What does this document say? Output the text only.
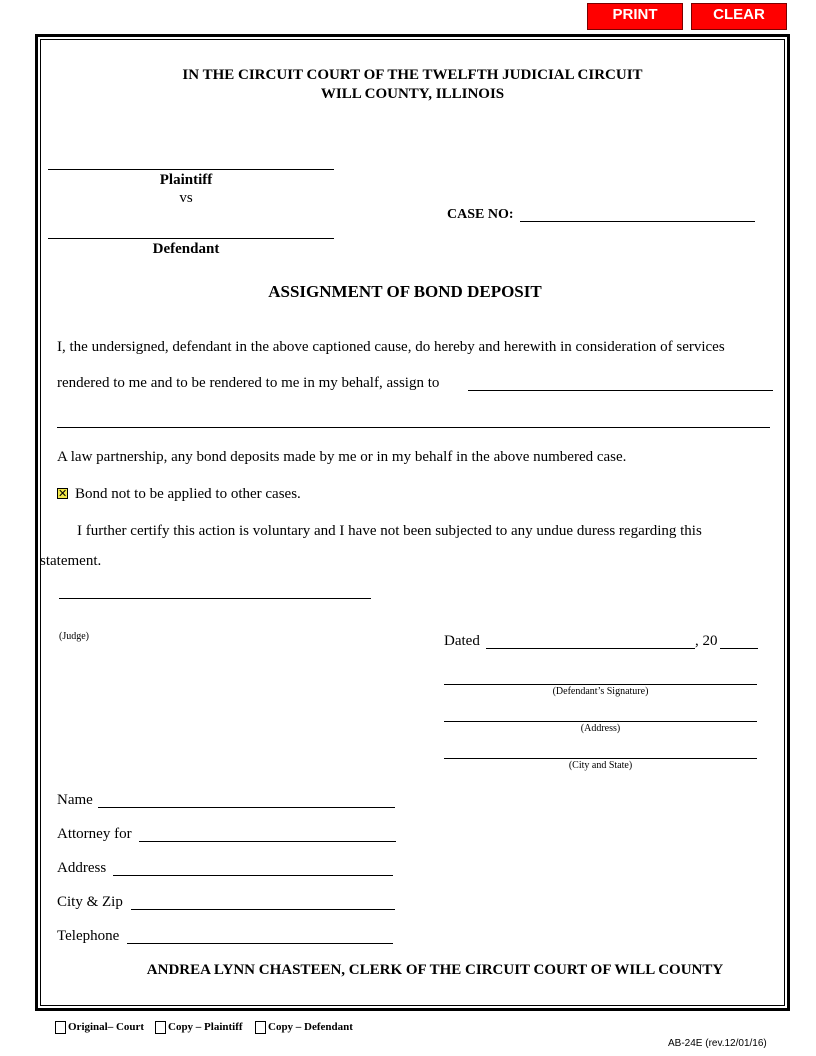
PRINT	CLEAR
IN THE CIRCUIT COURT OF THE TWELFTH JUDICIAL CIRCUIT
WILL COUNTY, ILLINOIS
Plaintiff
vs
Defendant
CASE NO:
ASSIGNMENT OF BOND DEPOSIT
I, the undersigned, defendant in the above captioned cause, do hereby and herewith in consideration of services
rendered to me and to be rendered to me in my behalf, assign to
A law partnership, any bond deposits made by me or in my behalf in the above numbered case.
✕ Bond not to be applied to other cases.
I further certify this action is voluntary and I have not been subjected to any undue duress regarding this
statement.
(Judge)	Dated	, 20
(Defendant’s Signature)
(Address)
(City and State)
Name
Attorney for
Address
City & Zip
Telephone
ANDREA LYNN CHASTEEN, CLERK OF THE CIRCUIT COURT OF WILL COUNTY
Original– Court Copy – Plaintiff Copy – Defendant
AB-24E (rev.12/01/16)
